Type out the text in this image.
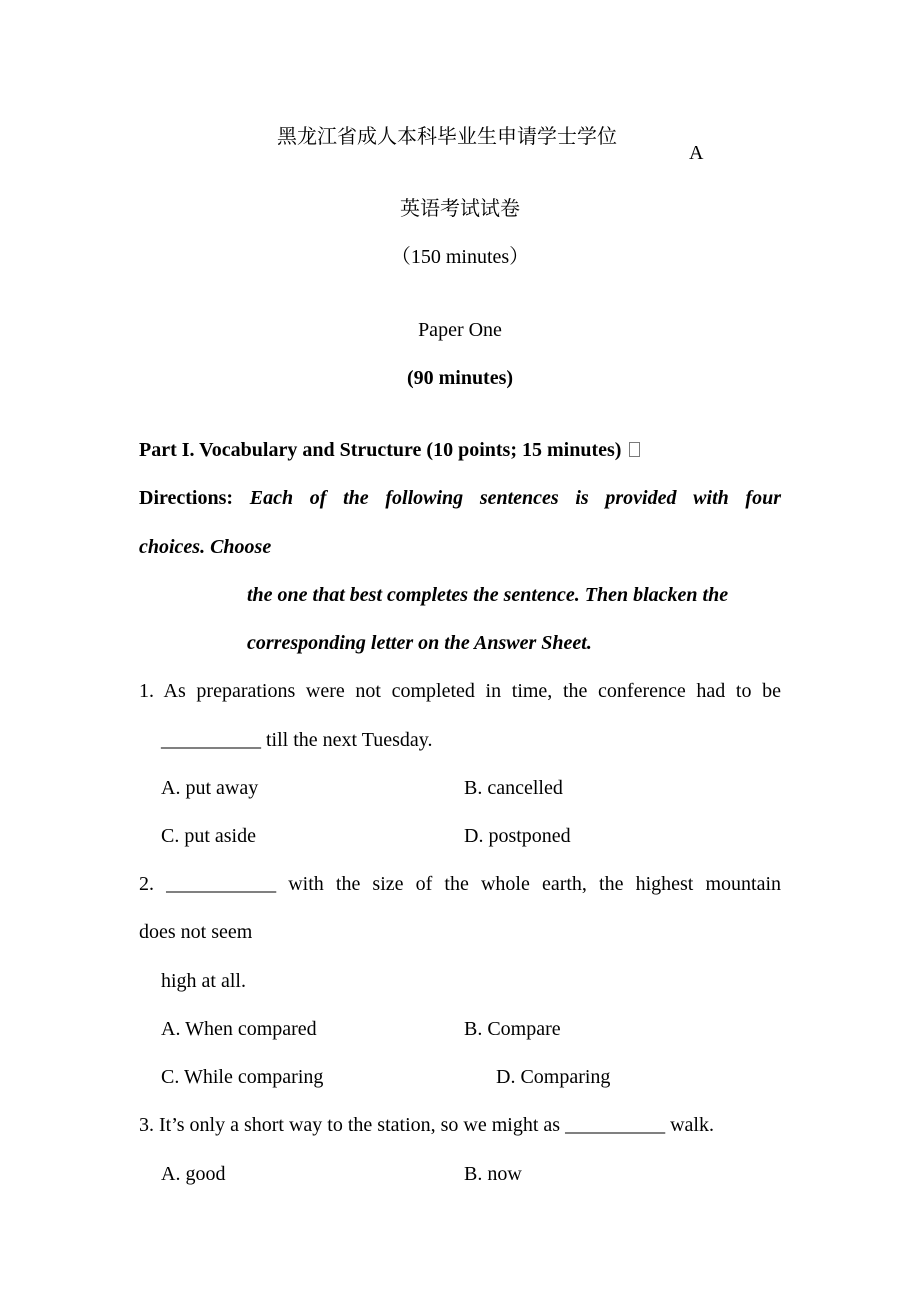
黑龙江省成人本科毕业生申请学士学位
A
英语考试试卷
（150 minutes）
Paper One
(90 minutes)
Part I. Vocabulary and Structure (10 points; 15 minutes)
Directions: Each of the following sentences is provided with four
choices. Choose
the one that best completes the sentence. Then blacken the
corresponding letter on the Answer Sheet.
1. As preparations were not completed in time, the conference had to be
__________ till the next Tuesday.
A. put away	B. cancelled
C. put aside	D. postponed
2. ___________ with the size of the whole earth, the highest mountain
does not seem
high at all.
A. When compared	B. Compare
C. While comparing	D. Comparing
3. It’s only a short way to the station, so we might as __________ walk.
A. good	B. now
